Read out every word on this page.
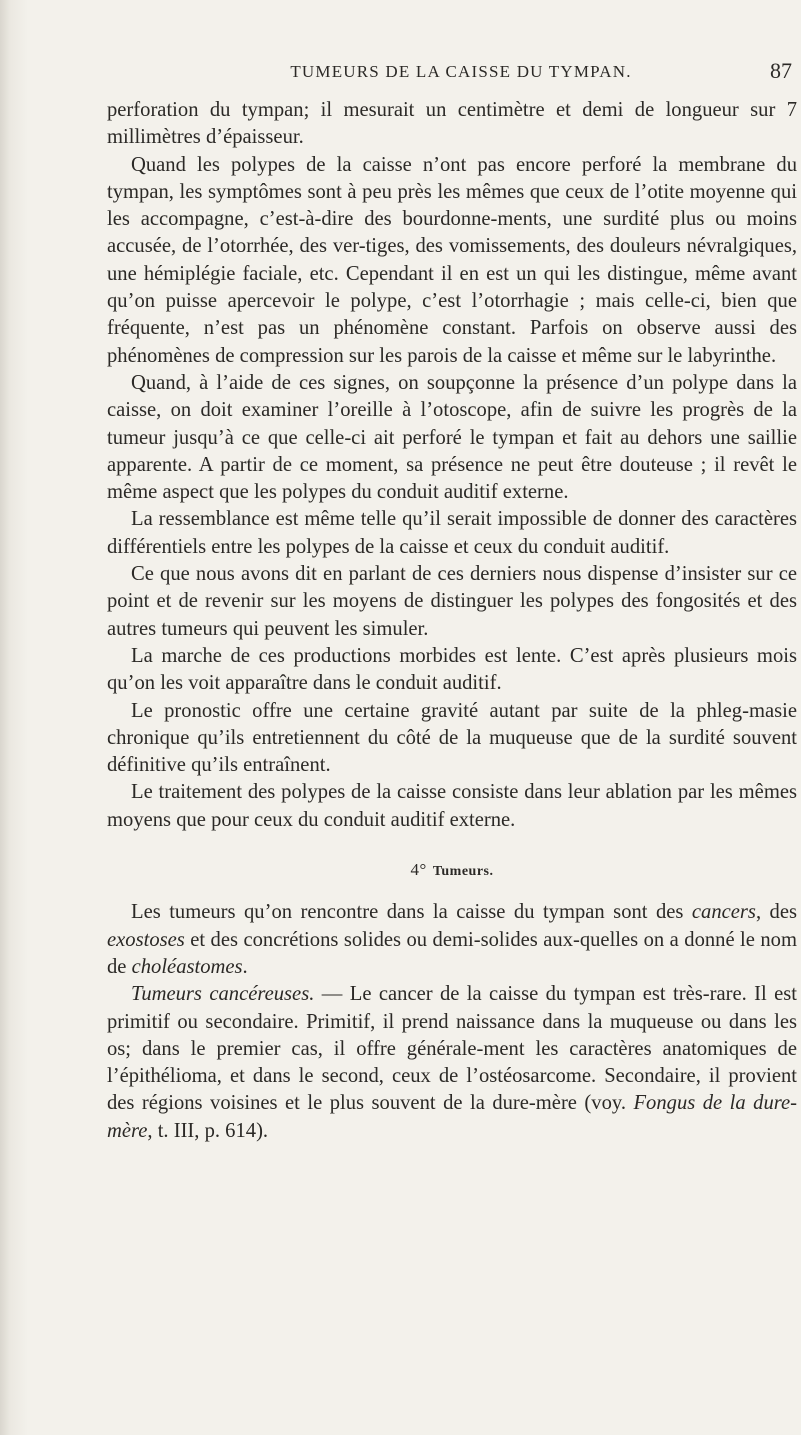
TUMEURS DE LA CAISSE DU TYMPAN.	87

perforation du tympan; il mesurait un centimètre et demi de longueur sur 7 millimètres d’épaisseur.

Quand les polypes de la caisse n’ont pas encore perforé la membrane du tympan, les symptômes sont à peu près les mêmes que ceux de l’otite moyenne qui les accompagne, c’est-à-dire des bourdonne-ments, une surdité plus ou moins accusée, de l’otorrhée, des ver-tiges, des vomissements, des douleurs névralgiques, une hémiplégie faciale, etc. Cependant il en est un qui les distingue, même avant qu’on puisse apercevoir le polype, c’est l’otorrhagie ; mais celle-ci, bien que fréquente, n’est pas un phénomène constant. Parfois on observe aussi des phénomènes de compression sur les parois de la caisse et même sur le labyrinthe.

Quand, à l’aide de ces signes, on soupçonne la présence d’un polype dans la caisse, on doit examiner l’oreille à l’otoscope, afin de suivre les progrès de la tumeur jusqu’à ce que celle-ci ait perforé le tympan et fait au dehors une saillie apparente. A partir de ce moment, sa présence ne peut être douteuse ; il revêt le même aspect que les polypes du conduit auditif externe.

La ressemblance est même telle qu’il serait impossible de donner des caractères différentiels entre les polypes de la caisse et ceux du conduit auditif.

Ce que nous avons dit en parlant de ces derniers nous dispense d’insister sur ce point et de revenir sur les moyens de distinguer les polypes des fongosités et des autres tumeurs qui peuvent les simuler.

La marche de ces productions morbides est lente. C’est après plusieurs mois qu’on les voit apparaître dans le conduit auditif.

Le pronostic offre une certaine gravité autant par suite de la phleg-masie chronique qu’ils entretiennent du côté de la muqueuse que de la surdité souvent définitive qu’ils entraînent.

Le traitement des polypes de la caisse consiste dans leur ablation par les mêmes moyens que pour ceux du conduit auditif externe.

4° Tumeurs.

Les tumeurs qu’on rencontre dans la caisse du tympan sont des cancers, des exostoses et des concrétions solides ou demi-solides aux-quelles on a donné le nom de choléastomes.

Tumeurs cancéreuses. — Le cancer de la caisse du tympan est très-rare. Il est primitif ou secondaire. Primitif, il prend naissance dans la muqueuse ou dans les os; dans le premier cas, il offre générale-ment les caractères anatomiques de l’épithélioma, et dans le second, ceux de l’ostéosarcome. Secondaire, il provient des régions voisines et le plus souvent de la dure-mère (voy. Fongus de la dure-mère, t. III, p. 614).
